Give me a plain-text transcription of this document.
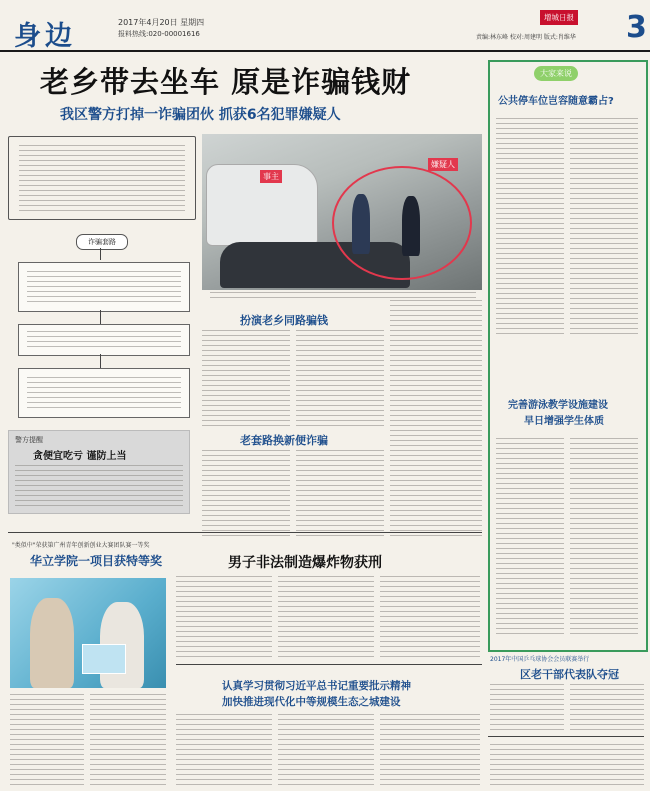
身边	2017年4月20日 星期四
报料热线:020-00001616
增城日报
责编:林东峰 校对:周建明 版式:肖维华 3
老乡带去坐车 原是诈骗钱财
我区警方打掉一诈骗团伙 抓获6名犯罪嫌疑人
诈骗套路
警方提醒
贪便宜吃亏 谨防上当
事主
嫌疑人
扮演老乡同路骗钱
老套路换新便诈骗
"类似中"荣获第广州青年创新创业大赛团队赛一等奖
华立学院一项目获特等奖	男子非法制造爆炸物获刑
认真学习贯彻习近平总书记重要批示精神
加快推进现代化中等规模生态之城建设
大家来说
公共停车位岂容随意霸占?
完善游泳教学设施建设
早日增强学生体质
2017年中国乒乓球协会会员联赛举行
区老干部代表队夺冠
